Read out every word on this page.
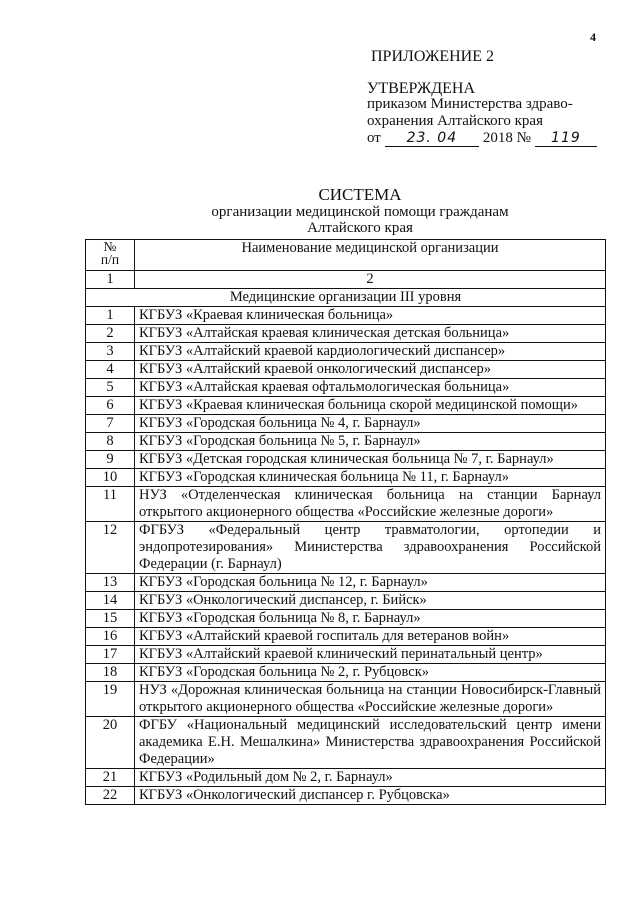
4
ПРИЛОЖЕНИЕ 2
УТВЕРЖДЕНА
приказом Министерства здраво-
охранения Алтайского края
от	23. 04	2018 №	119
СИСТЕМА
организации медицинской помощи гражданам
Алтайского края
№
п/п	Наименование медицинской организации
1	2
Медицинские организации III уровня	
1	КГБУЗ «Краевая клиническая больница»
2	КГБУЗ «Алтайская краевая клиническая детская больница»
3	КГБУЗ «Алтайский краевой кардиологический диспансер»
4	КГБУЗ «Алтайский краевой онкологический диспансер»
5	КГБУЗ «Алтайская краевая офтальмологическая больница»
6	КГБУЗ «Краевая клиническая больница скорой медицинской помощи»
7	КГБУЗ «Городская больница № 4, г. Барнаул»
8	КГБУЗ «Городская больница № 5, г. Барнаул»
9	КГБУЗ «Детская городская клиническая больница № 7, г. Барнаул»
10	КГБУЗ «Городская клиническая больница № 11, г. Барнаул»
11	НУЗ «Отделенческая клиническая больница на станции Барнаул открытого акционерного общества «Российские железные дороги»
12	ФГБУЗ «Федеральный центр травматологии, ортопедии и эндопротезирования» Министерства здравоохранения Российской Федерации (г. Барнаул)
13	КГБУЗ «Городская больница № 12, г. Барнаул»
14	КГБУЗ «Онкологический диспансер, г. Бийск»
15	КГБУЗ «Городская больница № 8, г. Барнаул»
16	КГБУЗ «Алтайский краевой госпиталь для ветеранов войн»
17	КГБУЗ «Алтайский краевой клинический перинатальный центр»
18	КГБУЗ «Городская больница № 2, г. Рубцовск»
19	НУЗ «Дорожная клиническая больница на станции Новосибирск-Главный открытого акционерного общества «Российские железные дороги»
20	ФГБУ «Национальный медицинский исследовательский центр имени академика Е.Н. Мешалкина» Министерства здравоохранения Российской Федерации»
21	КГБУЗ «Родильный дом № 2, г. Барнаул»
22	КГБУЗ «Онкологический диспансер г. Рубцовска»
